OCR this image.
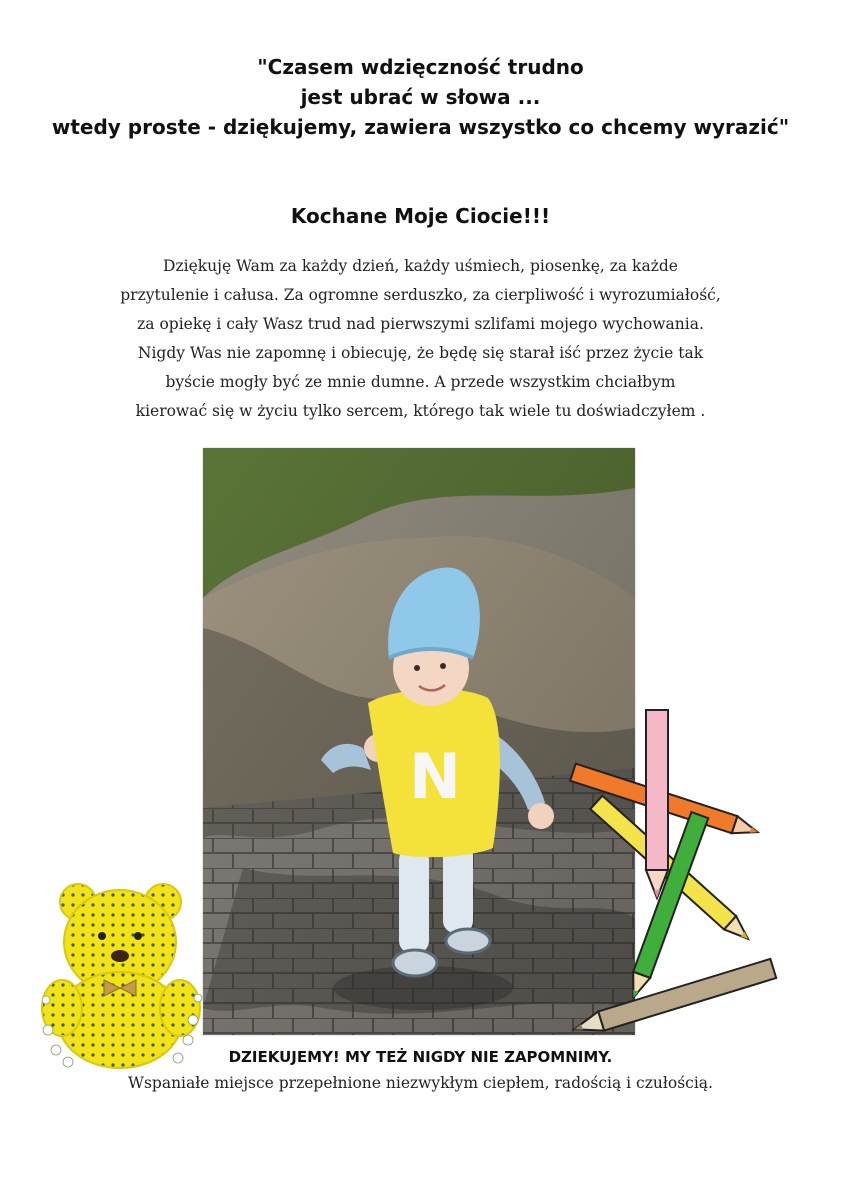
"Czasem wdzięczność trudno
jest ubrać w słowa ...
wtedy proste - dziękujemy, zawiera wszystko co chcemy wyrazić"
Kochane Moje Ciocie!!!
Dziękuję Wam za każdy dzień, każdy uśmiech, piosenkę, za każde
przytulenie i całusa. Za ogromne serduszko, za cierpliwość i wyrozumiałość,
za opiekę i cały Wasz trud nad pierwszymi szlifami mojego wychowania.
Nigdy Was nie zapomnę i obiecuję, że będę się starał iść przez życie tak
byście mogły być ze mnie dumne. A przede wszystkim chciałbym
kierować się w życiu tylko sercem, którego tak wiele tu doświadczyłem .
N
DZIEKUJEMY! MY TEŻ NIGDY NIE ZAPOMNIMY.
Wspaniałe miejsce przepełnione niezwykłym ciepłem, radością i czułością.
